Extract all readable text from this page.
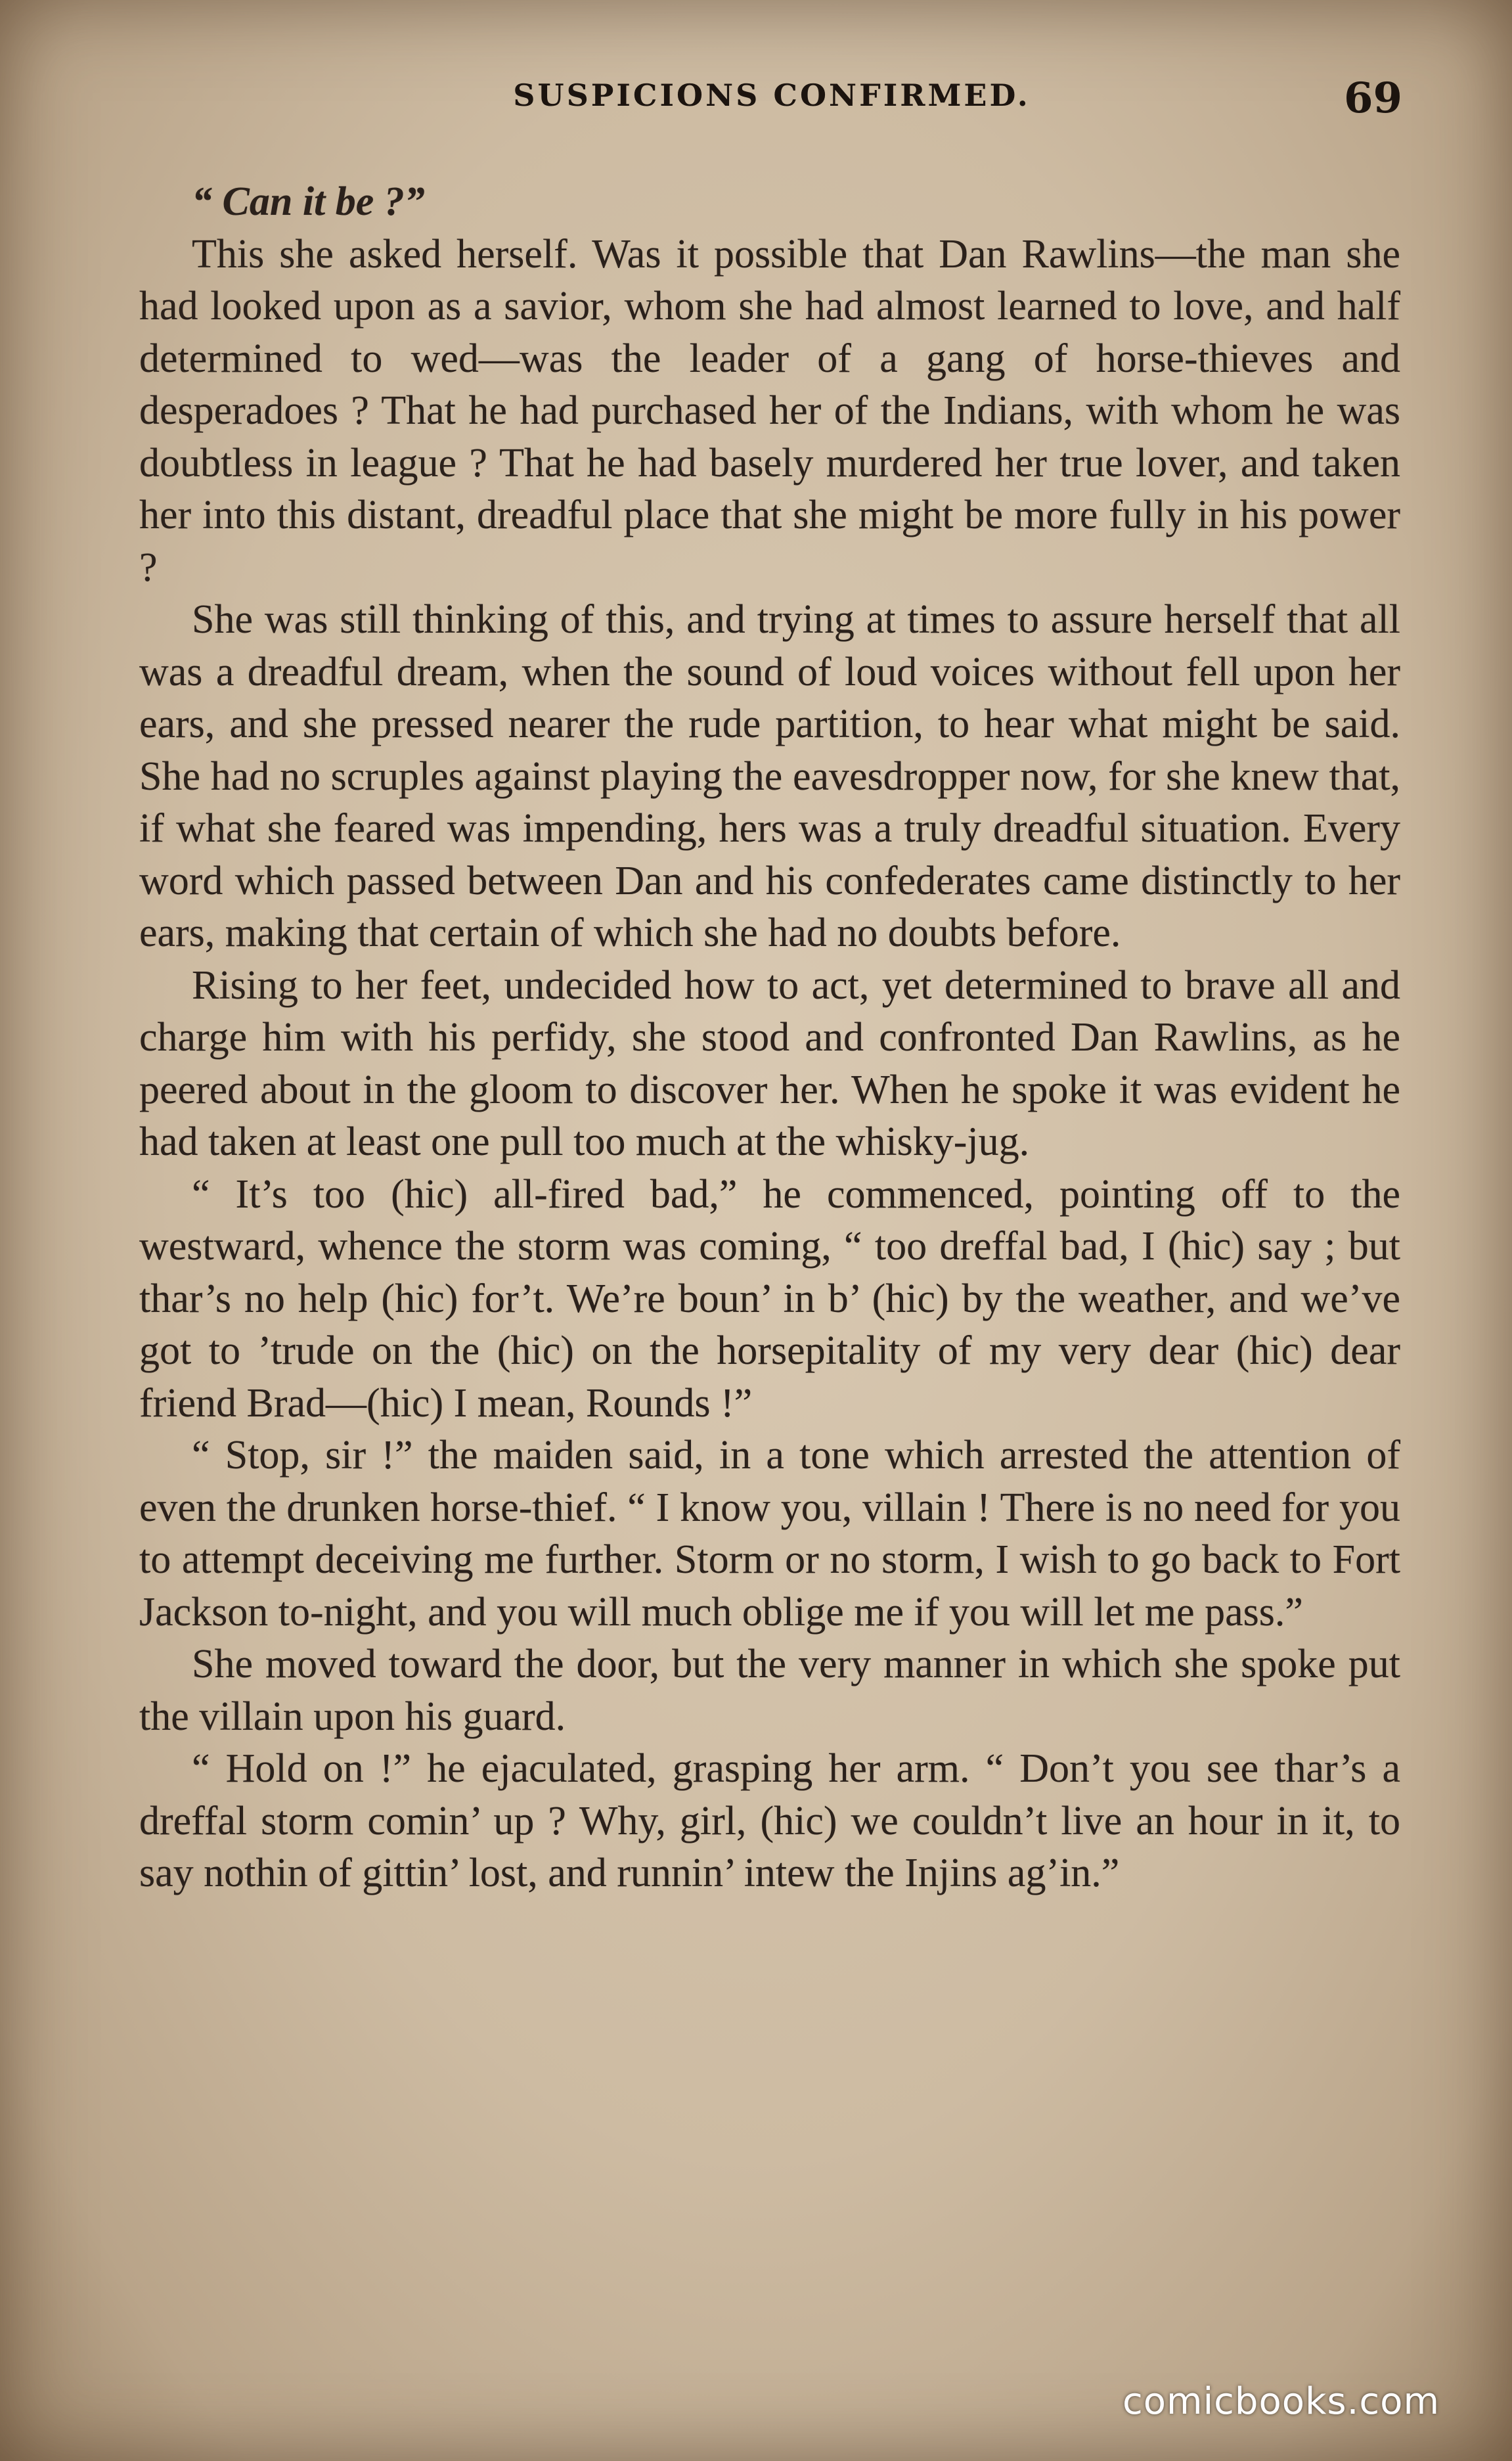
SUSPICIONS CONFIRMED.	69

“ Can it be ?”

This she asked herself. Was it possible that Dan Rawlins—the man she had looked upon as a savior, whom she had almost learned to love, and half determined to wed—was the leader of a gang of horse-thieves and desperadoes ? That he had purchased her of the Indians, with whom he was doubtless in league ? That he had basely murdered her true lover, and taken her into this distant, dreadful place that she might be more fully in his power ?

She was still thinking of this, and trying at times to assure herself that all was a dreadful dream, when the sound of loud voices without fell upon her ears, and she pressed nearer the rude partition, to hear what might be said. She had no scruples against playing the eavesdropper now, for she knew that, if what she feared was impending, hers was a truly dreadful situation. Every word which passed between Dan and his confederates came distinctly to her ears, making that certain of which she had no doubts before.

Rising to her feet, undecided how to act, yet determined to brave all and charge him with his perfidy, she stood and confronted Dan Rawlins, as he peered about in the gloom to discover her. When he spoke it was evident he had taken at least one pull too much at the whisky-jug.

“ It’s too (hic) all-fired bad,” he commenced, pointing off to the westward, whence the storm was coming, “ too dreffal bad, I (hic) say ; but thar’s no help (hic) for’t. We’re boun’ in b’ (hic) by the weather, and we’ve got to ’trude on the (hic) on the horsepitality of my very dear (hic) dear friend Brad—(hic) I mean, Rounds !”

“ Stop, sir !” the maiden said, in a tone which arrested the attention of even the drunken horse-thief. “ I know you, villain ! There is no need for you to attempt deceiving me further. Storm or no storm, I wish to go back to Fort Jackson to-night, and you will much oblige me if you will let me pass.”

She moved toward the door, but the very manner in which she spoke put the villain upon his guard.

“ Hold on !” he ejaculated, grasping her arm. “ Don’t you see thar’s a dreffal storm comin’ up ? Why, girl, (hic) we couldn’t live an hour in it, to say nothin of gittin’ lost, and runnin’ intew the Injins ag’in.”

comicbooks.com
